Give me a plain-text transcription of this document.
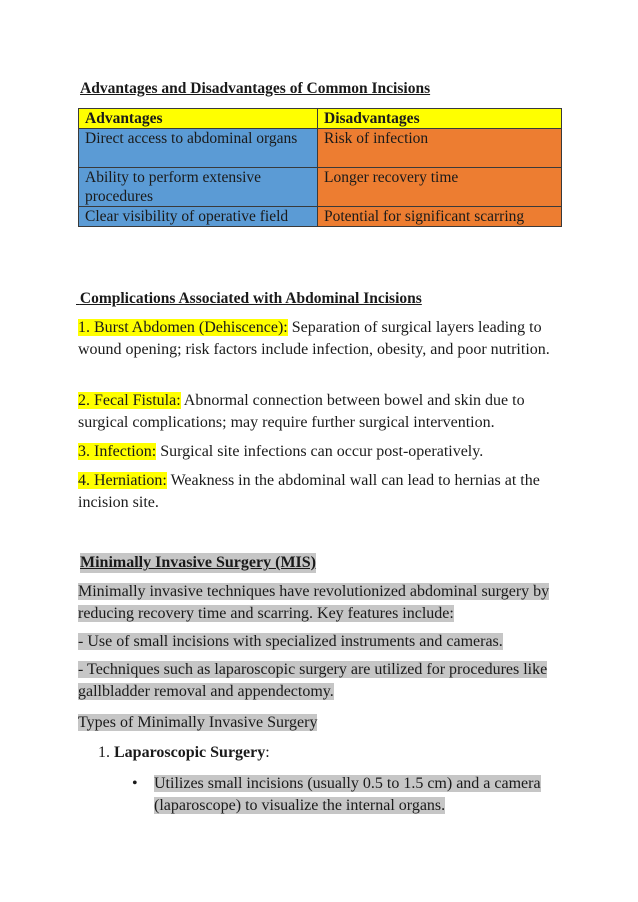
Advantages and Disadvantages of Common Incisions
Advantages	Disadvantages
Direct access to abdominal organs	Risk of infection
Ability to perform extensive procedures	Longer recovery time
Clear visibility of operative field	Potential for significant scarring
Complications Associated with Abdominal Incisions
1. Burst Abdomen (Dehiscence): Separation of surgical layers leading to wound opening; risk factors include infection, obesity, and poor nutrition.
2. Fecal Fistula: Abnormal connection between bowel and skin due to surgical complications; may require further surgical intervention.
3. Infection: Surgical site infections can occur post-operatively.
4. Herniation: Weakness in the abdominal wall can lead to hernias at the incision site.
Minimally Invasive Surgery (MIS)
Minimally invasive techniques have revolutionized abdominal surgery by reducing recovery time and scarring. Key features include:
- Use of small incisions with specialized instruments and cameras.
- Techniques such as laparoscopic surgery are utilized for procedures like gallbladder removal and appendectomy.
Types of Minimally Invasive Surgery
1. Laparoscopic Surgery:
• Utilizes small incisions (usually 0.5 to 1.5 cm) and a camera (laparoscope) to visualize the internal organs.
